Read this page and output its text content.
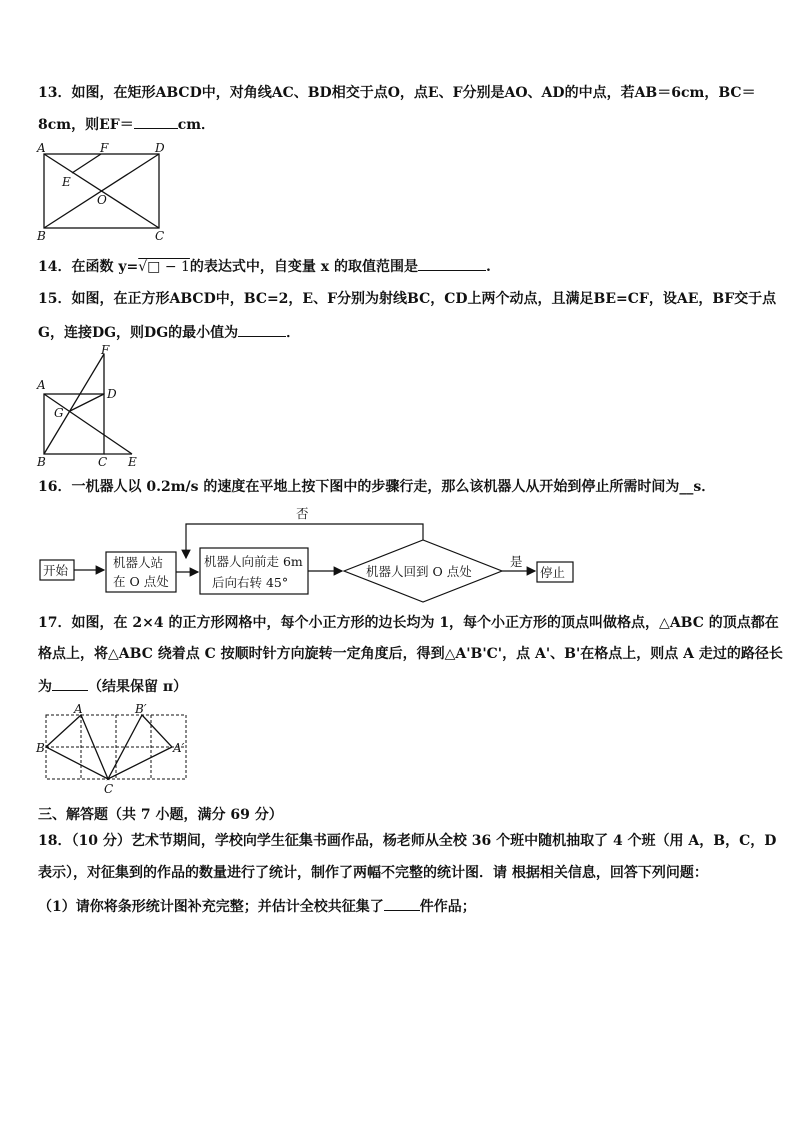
13．如图，在矩形ABCD中，对角线AC、BD相交于点O，点E、F分别是AO、AD的中点，若AB＝6cm，BC＝
8cm，则EF＝	cm．
A
B	C
D
E
F
O
14．在函数 y=√□ − 1的表达式中，自变量 x 的取值范围是	.
15．如图，在正方形ABCD中，BC=2，E、F分别为射线BC，CD上两个动点，且满足BE=CF，设AE，BF交于点
G，连接DG，则DG的最小值为	．
A
B	C
D
E
F
G
16．一机器人以 0.2m/s 的速度在平地上按下图中的步骤行走，那么该机器人从开始到停止所需时间为__s．
开始
机器人站
在 O 点处
机器人向前走 6m
后向右转 45°
机器人回到 O 点处	停止
是
否
17．如图，在 2×4 的正方形网格中，每个小正方形的边长均为 1，每个小正方形的顶点叫做格点，△ABC 的顶点都在
格点上，将△ABC 绕着点 C 按顺时针方向旋转一定角度后，得到△A'B'C'，点 A'、B'在格点上，则点 A 走过的路径长
为	（结果保留 π）
A
B
C
A′
B′
三、解答题（共 7 小题，满分 69 分）
18．（10 分）艺术节期间，学校向学生征集书画作品，杨老师从全校 36 个班中随机抽取了 4 个班（用 A，B，C，D
表示），对征集到的作品的数量进行了统计，制作了两幅不完整的统计图．请 根据相关信息，回答下列问题：
（1）请你将条形统计图补充完整；并估计全校共征集了	件作品；
